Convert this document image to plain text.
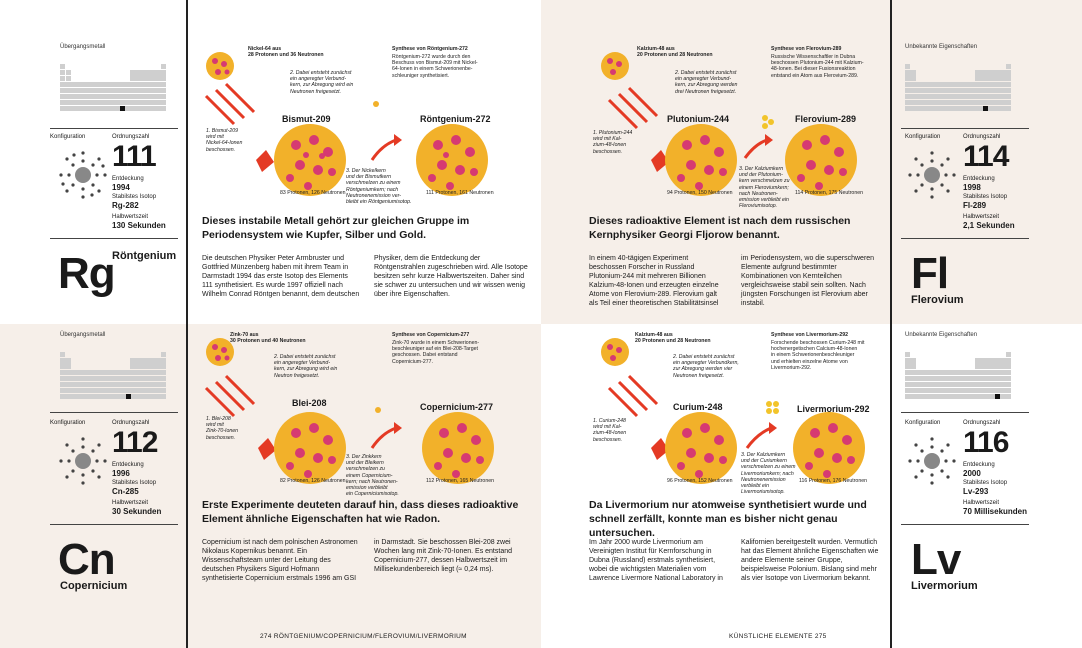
Übergangsmetall
Konfiguration	Ordnungszahl
111
Entdeckung
1994
Stabilstes Isotop
Rg-282
Halbwertszeit
130 Sekunden
Rg
Röntgenium
Nickel-64 aus
28 Protonen und 36 Neutronen
2. Dabei entsteht zunächst
ein angeregter Verbund-
kern, zur Abregung wird ein
Neutronen freigesetzt.
1. Bismut-209
wird mit
Nickel-64-Ionen
beschossen.
3. Der Nickelkern
und der Bismutkern
verschmelzen zu einem
Röntgeniumkern; nach
Neutronenemission ver-
bleibt ein Röntgeniumisotop.
Bismut-209
83 Protonen, 126 Neutronen
Röntgenium-272
111 Protonen, 161 Neutronen
Synthese von Röntgenium-272
Röntgenium-272 wurde durch den
Beschuss von Bismut-209 mit Nickel-
64-Ionen in einem Schwerionenbe-
schleuniger synthetisiert.
Dieses instabile Metall gehört zur gleichen Gruppe im Periodensystem wie Kupfer, Silber und Gold.
Die deutschen Physiker Peter Armbruster und Gottfried Münzenberg haben mit ihrem Team in Darmstadt 1994 das erste Isotop des Elements 111 synthetisiert. Es wurde 1997 offiziell nach Wilhelm Conrad Röntgen benannt, dem deutschen Physiker, dem die Entdeckung der Röntgenstrahlen zugeschrieben wird. Alle Isotope besitzen sehr kurze Halbwertszeiten. Daher sind sie schwer zu untersuchen und wir wissen wenig über ihre Eigenschaften.
Kalzium-48 aus
20 Protonen und 28 Neutronen
2. Dabei entsteht zunächst
ein angeregter Verbund-
kern, zur Abregung werden
drei Neutronen freigesetzt.
1. Plutonium-244
wird mit Kal-
zium-48-Ionen
beschossen.
3. Der Kalziumkern
und der Plutonium-
kern verschmelzen zu
einem Fleroviumkern;
nach Neutronen-
emission verbleibt ein
Fleroviumisotop.
Plutonium-244
94 Protonen, 150 Neutronen
Flerovium-289
114 Protonen, 175 Neutronen
Synthese von Flerovium-289
Russische Wissenschaftler in Dubna
beschossen Plutonium-244 mit Kalzium-
48-Ionen. Bei dieser Fusionsreaktion
entstand ein Atom aus Flerovium-289.
Dieses radioaktive Element ist nach dem russischen Kernphysiker Georgi Fljorow benannt.
In einem 40-tägigen Experiment beschossen Forscher in Russland Plutonium-244 mit mehreren Billionen Kalzium-48-Ionen und erzeugten einzelne Atome von Flerovium-289. Flerovium galt als Teil einer theoretischen Stabilitätsinsel im Periodensystem, wo die superschweren Elemente aufgrund bestimmter Kombinationen von Kernteilchen vergleichsweise stabil sein sollten. Nach jüngsten Forschungen ist Flerovium aber instabil.
Unbekannte Eigenschaften
Konfiguration	Ordnungszahl
114
Entdeckung
1998
Stabilstes Isotop
Fl-289
Halbwertszeit
2,1 Sekunden
Fl
Flerovium
Übergangsmetall
Konfiguration	Ordnungszahl
112
Entdeckung
1996
Stabilstes Isotop
Cn-285
Halbwertszeit
30 Sekunden
Cn
Copernicium
Zink-70 aus
30 Protonen und 40 Neutronen
2. Dabei entsteht zunächst
ein angeregter Verbund-
kern, zur Abregung wird ein
Neutron freigesetzt.
1. Blei-208
wird mit
Zink-70-Ionen
beschossen.
3. Der Zinkkern
und der Bleikern
verschmelzen zu
einem Copernicium-
kern; nach Neutronen-
emission verbleibt
ein Coperniciumisotop.
Blei-208
82 Protonen, 126 Neutronen
Copernicium-277
112 Protonen, 165 Neutronen
Synthese von Copernicium-277
Zink-70 wurde in einem Schwerionen-
beschleuniger auf ein Blei-208-Target
geschossen. Dabei entstand
Copernicium-277.
Erste Experimente deuteten darauf hin, dass dieses radioaktive Element ähnliche Eigenschaften hat wie Radon.
Copernicium ist nach dem polnischen Astronomen Nikolaus Kopernikus benannt. Ein Wissenschaftsteam unter der Leitung des deutschen Physikers Sigurd Hofmann synthetisierte Copernicium erstmals 1996 am GSI in Darmstadt. Sie beschossen Blei-208 zwei Wochen lang mit Zink-70-Ionen. Es entstand Copernicium-277, dessen Halbwertszeit im Millisekundenbereich liegt (≈ 0,24 ms).
274 RÖNTGENIUM/COPERNICIUM/FLEROVIUM/LIVERMORIUM
Kalzium-48 aus
20 Protonen und 28 Neutronen
2. Dabei entsteht zunächst
ein angeregter Verbundkern,
zur Abregung werden vier
Neutronen freigesetzt.
1. Curium-248
wird mit Kal-
zium-48-Ionen
beschossen.
3. Der Kalziumkern
und der Curiumkern
verschmelzen zu einem
Livermoriumkern; nach
Neutronenemission
verbleibt ein
Livermoriumisotop.
Curium-248
96 Protonen, 152 Neutronen
Livermorium-292
116 Protonen, 176 Neutronen
Synthese von Livermorium-292
Forschende beschossen Curium-248 mit
hochenergetischen Calcium-48-Ionen
in einem Schwerionenbeschleuniger
und erhielten einzelne Atome von
Livermorium-292.
Da Livermorium nur atomweise synthetisiert wurde und schnell zerfällt, konnte man es bisher nicht genau untersuchen.
Im Jahr 2000 wurde Livermorium am Vereinigten Institut für Kernforschung in Dubna (Russland) erstmals synthetisiert, wobei die wichtigsten Materialien vom Lawrence Livermore National Laboratory in Kalifornien bereitgestellt wurden. Vermutlich hat das Element ähnliche Eigenschaften wie andere Elemente seiner Gruppe, beispielsweise Polonium. Bislang sind mehr als vier Isotope von Livermorium bekannt.
KÜNSTLICHE ELEMENTE 275
Unbekannte Eigenschaften
Konfiguration	Ordnungszahl
116
Entdeckung
2000
Stabilstes Isotop
Lv-293
Halbwertszeit
70 Millisekunden
Lv
Livermorium
